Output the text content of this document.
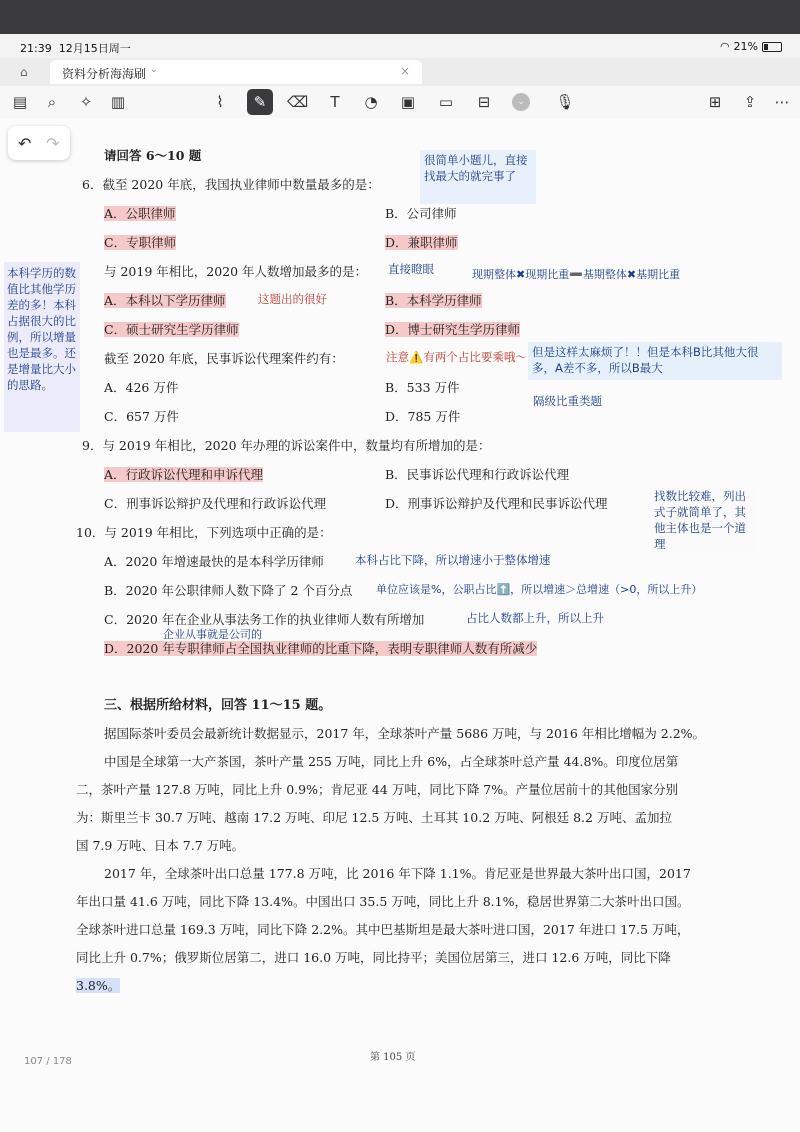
21:39 12月15日周一	◠ 21%
⌂	资料分析海海刷 ⌄	×
▤	⌕	✧ ▥	⌇	✎	⌫	T	◔ ▣ ▭ ⊟	⌄	🎙	⊞ ⇪ ⋯
↶ ↷
请回答 6～10 题
6．截至 2020 年底，我国执业律师中数量最多的是：
A．公职律师	B．公司律师
C．专职律师	D．兼职律师
与 2019 年相比，2020 年人数增加最多的是：
A．本科以下学历律师	B．本科学历律师
C．硕士研究生学历律师	D．博士研究生学历律师
截至 2020 年底，民事诉讼代理案件约有：
A．426 万件	B．533 万件
C．657 万件	D．785 万件
9．与 2019 年相比，2020 年办理的诉讼案件中，数量均有所增加的是：
A．行政诉讼代理和申诉代理	B．民事诉讼代理和行政诉讼代理
C．刑事诉讼辩护及代理和行政诉讼代理	D．刑事诉讼辩护及代理和民事诉讼代理
10．与 2019 年相比，下列选项中正确的是：
A．2020 年增速最快的是本科学历律师
B．2020 年公职律师人数下降了 2 个百分点
C．2020 年在企业从事法务工作的执业律师人数有所增加
D．2020 年专职律师占全国执业律师的比重下降，表明专职律师人数有所减少
三、根据所给材料，回答 11～15 题。
据国际茶叶委员会最新统计数据显示，2017 年，全球茶叶产量 5686 万吨，与 2016 年相比增幅为 2.2%。
中国是全球第一大产茶国，茶叶产量 255 万吨，同比上升 6%，占全球茶叶总产量 44.8%。印度位居第
二，茶叶产量 127.8 万吨，同比上升 0.9%；肯尼亚 44 万吨，同比下降 7%。产量位居前十的其他国家分别
为：斯里兰卡 30.7 万吨、越南 17.2 万吨、印尼 12.5 万吨、土耳其 10.2 万吨、阿根廷 8.2 万吨、孟加拉
国 7.9 万吨、日本 7.7 万吨。
2017 年，全球茶叶出口总量 177.8 万吨，比 2016 年下降 1.1%。肯尼亚是世界最大茶叶出口国，2017
年出口量 41.6 万吨，同比下降 13.4%。中国出口 35.5 万吨，同比上升 8.1%，稳居世界第二大茶叶出口国。
全球茶叶进口总量 169.3 万吨，同比下降 2.2%。其中巴基斯坦是最大茶叶进口国，2017 年进口 17.5 万吨，
同比上升 0.7%；俄罗斯位居第二，进口 16.0 万吨，同比持平；美国位居第三，进口 12.6 万吨，同比下降
3.8%。
第 105 页
107 / 178
很简单小题儿，直接找最大的就完事了
本科学历的数值比其他学历差的多！本科占据很大的比例，所以增量也是最多。还是增量比大小的思路。
直接瞪眼	现期整体✖现期比重➖基期整体✖基期比重
这题出的很好
注意⚠️有两个占比要乘哦～ 但是这样太麻烦了！！但是本科B比其他大很多，A差不多，所以B最大
隔级比重类题
找数比较难，列出式子就简单了，其他主体也是一个道理
本科占比下降，所以增速小于整体增速
单位应该是%，公职占比⬆️，所以增速＞总增速（>0，所以上升）
占比人数都上升，所以上升
企业从事就是公司的
